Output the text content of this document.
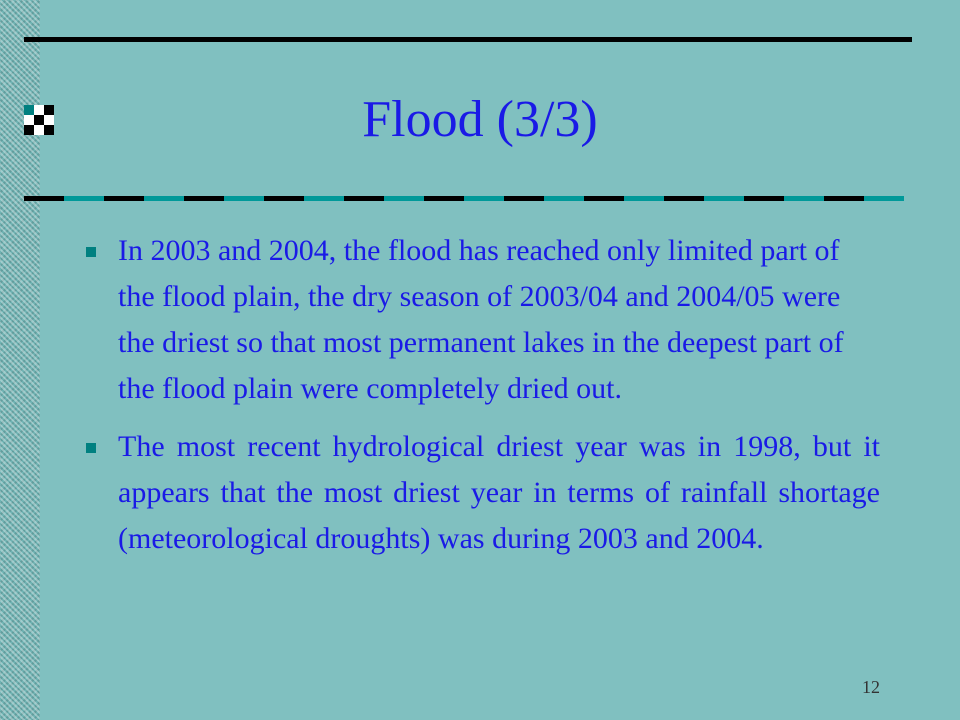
Flood (3/3)
In 2003 and 2004, the flood has reached only limited part of the flood plain, the dry season of 2003/04 and 2004/05 were the driest so that most permanent lakes in the deepest part of the flood plain were completely dried out.
The most recent hydrological driest year was in 1998, but it appears that the most driest year in terms of rainfall shortage (meteorological droughts) was during 2003 and 2004.
12
